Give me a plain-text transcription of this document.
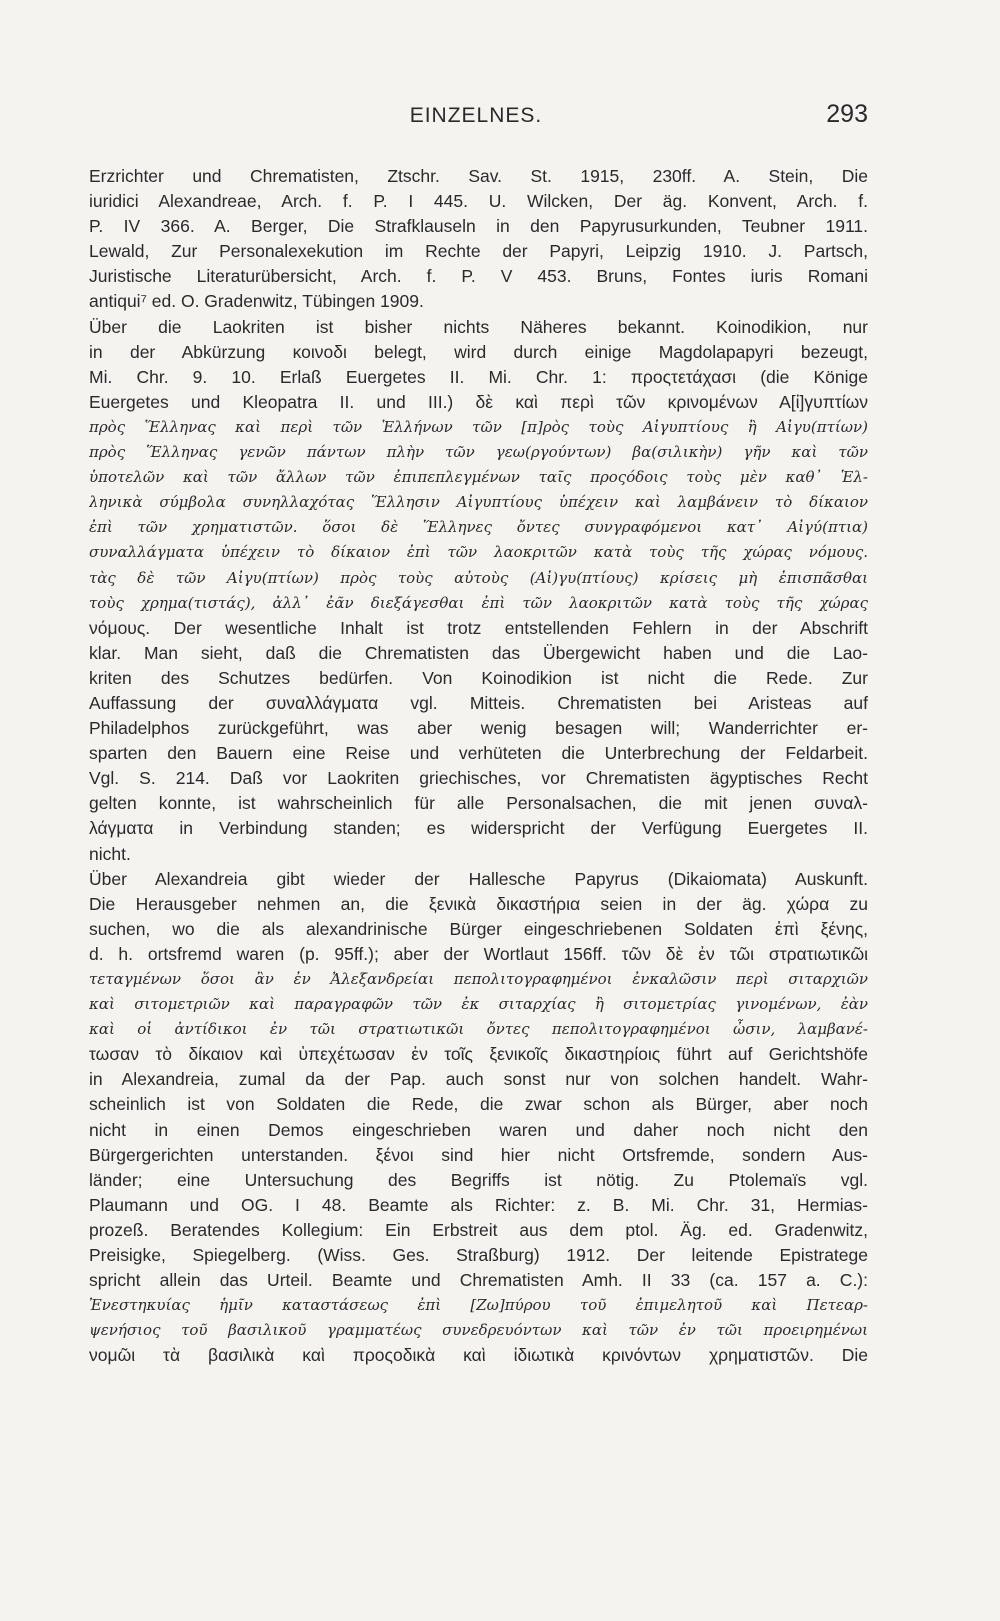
EINZELNES.	293
Erzrichter und Chrematisten, Ztschr. Sav. St. 1915, 230ff. A. Stein, Die
iuridici Alexandreae, Arch. f. P. I 445. U. Wilcken, Der äg. Konvent, Arch. f.
P. IV 366. A. Berger, Die Strafklauseln in den Papyrusurkunden, Teubner 1911.
Lewald, Zur Personalexekution im Rechte der Papyri, Leipzig 1910. J. Partsch,
Juristische Literaturübersicht, Arch. f. P. V 453. Bruns, Fontes iuris Romani
antiqui⁷ ed. O. Gradenwitz, Tübingen 1909.
Über die Laokriten ist bisher nichts Näheres bekannt. Koinodikion, nur
in der Abkürzung κοινοδι belegt, wird durch einige Magdolapapyri bezeugt,
Mi. Chr. 9. 10. Erlaß Euergetes II. Mi. Chr. 1: προςτετάχασι (die Könige
Euergetes und Kleopatra II. und III.) δὲ καὶ περὶ τῶν κρινομένων Α[ἰ]γυπτίων
πρὸς Ἕλληνας καὶ περὶ τῶν Ἑλλήνων τῶν [π]ρὸς τοὺς Αἰγυπτίους ἢ Αἰγυ(πτίων)
πρὸς Ἕλληνας γενῶν πάντων πλὴν τῶν γεω(ργούντων) βα(σιλικὴν) γῆν καὶ τῶν
ὑποτελῶν καὶ τῶν ἄλλων τῶν ἐπιπεπλεγμένων ταῖς προςόδοις τοὺς μὲν καθ᾽ Ἑλ-
ληνικὰ σύμβολα συνηλλαχότας Ἕλλησιν Αἰγυπτίους ὑπέχειν καὶ λαμβάνειν τὸ δίκαιον
ἐπὶ τῶν χρηματιστῶν. ὅσοι δὲ Ἕλληνες ὄντες συνγραφόμενοι κατ᾽ Αἰγύ(πτια)
συναλλάγματα ὑπέχειν τὸ δίκαιον ἐπὶ τῶν λαοκριτῶν κατὰ τοὺς τῆς χώρας νόμους.
τὰς δὲ τῶν Αἰγυ(πτίων) πρὸς τοὺς αὐτοὺς (Αἰ)γυ(πτίους) κρίσεις μὴ ἐπισπᾶσθαι
τοὺς χρημα(τιστάς), ἀλλ᾽ ἐᾶν διεξάγεσθαι ἐπὶ τῶν λαοκριτῶν κατὰ τοὺς τῆς χώρας
νόμους. Der wesentliche Inhalt ist trotz entstellenden Fehlern in der Abschrift
klar. Man sieht, daß die Chrematisten das Übergewicht haben und die Lao-
kriten des Schutzes bedürfen. Von Koinodikion ist nicht die Rede. Zur
Auffassung der συναλλάγματα vgl. Mitteis. Chrematisten bei Aristeas auf
Philadelphos zurückgeführt, was aber wenig besagen will; Wanderrichter er-
sparten den Bauern eine Reise und verhüteten die Unterbrechung der Feldarbeit.
Vgl. S. 214. Daß vor Laokriten griechisches, vor Chrematisten ägyptisches Recht
gelten konnte, ist wahrscheinlich für alle Personalsachen, die mit jenen συναλ-
λάγματα in Verbindung standen; es widerspricht der Verfügung Euergetes II.
nicht.
Über Alexandreia gibt wieder der Hallesche Papyrus (Dikaiomata) Auskunft.
Die Herausgeber nehmen an, die ξενικὰ δικαστήρια seien in der äg. χώρα zu
suchen, wo die als alexandrinische Bürger eingeschriebenen Soldaten ἐπὶ ξένης,
d. h. ortsfremd waren (p. 95ff.); aber der Wortlaut 156ff. τῶν δὲ ἐν τῶι στρατιωτικῶι
τεταγμένων ὅσοι ἂν ἐν Ἀλεξανδρείαι πεπολιτογραφημένοι ἐνκαλῶσιν περὶ σιταρχιῶν
καὶ σιτομετριῶν καὶ παραγραφῶν τῶν ἐκ σιταρχίας ἢ σιτομετρίας γινομένων, ἐὰν
καὶ οἱ ἀντίδικοι ἐν τῶι στρατιωτικῶι ὄντες πεπολιτογραφημένοι ὦσιν, λαμβανέ-
τωσαν τὸ δίκαιον καὶ ὑπεχέτωσαν ἐν τοῖς ξενικοῖς δικαστηρίοις führt auf Gerichtshöfe
in Alexandreia, zumal da der Pap. auch sonst nur von solchen handelt. Wahr-
scheinlich ist von Soldaten die Rede, die zwar schon als Bürger, aber noch
nicht in einen Demos eingeschrieben waren und daher noch nicht den
Bürgergerichten unterstanden. ξένοι sind hier nicht Ortsfremde, sondern Aus-
länder; eine Untersuchung des Begriffs ist nötig. Zu Ptolemaïs vgl.
Plaumann und OG. I 48. Beamte als Richter: z. B. Mi. Chr. 31, Hermias-
prozeß. Beratendes Kollegium: Ein Erbstreit aus dem ptol. Äg. ed. Gradenwitz,
Preisigke, Spiegelberg. (Wiss. Ges. Straßburg) 1912. Der leitende Epistratege
spricht allein das Urteil. Beamte und Chrematisten Amh. II 33 (ca. 157 a. C.):
Ἐνεστηκυίας ἡμῖν καταστάσεως ἐπὶ [Ζω]πύρου τοῦ ἐπιμελητοῦ καὶ Πετεαρ-
ψενήσιος τοῦ βασιλικοῦ γραμματέως συνεδρευόντων καὶ τῶν ἐν τῶι προειρημένωι
νομῶι τὰ βασιλικὰ καὶ προςοδικὰ καὶ ἰδιωτικὰ κρινόντων χρηματιστῶν. Die
